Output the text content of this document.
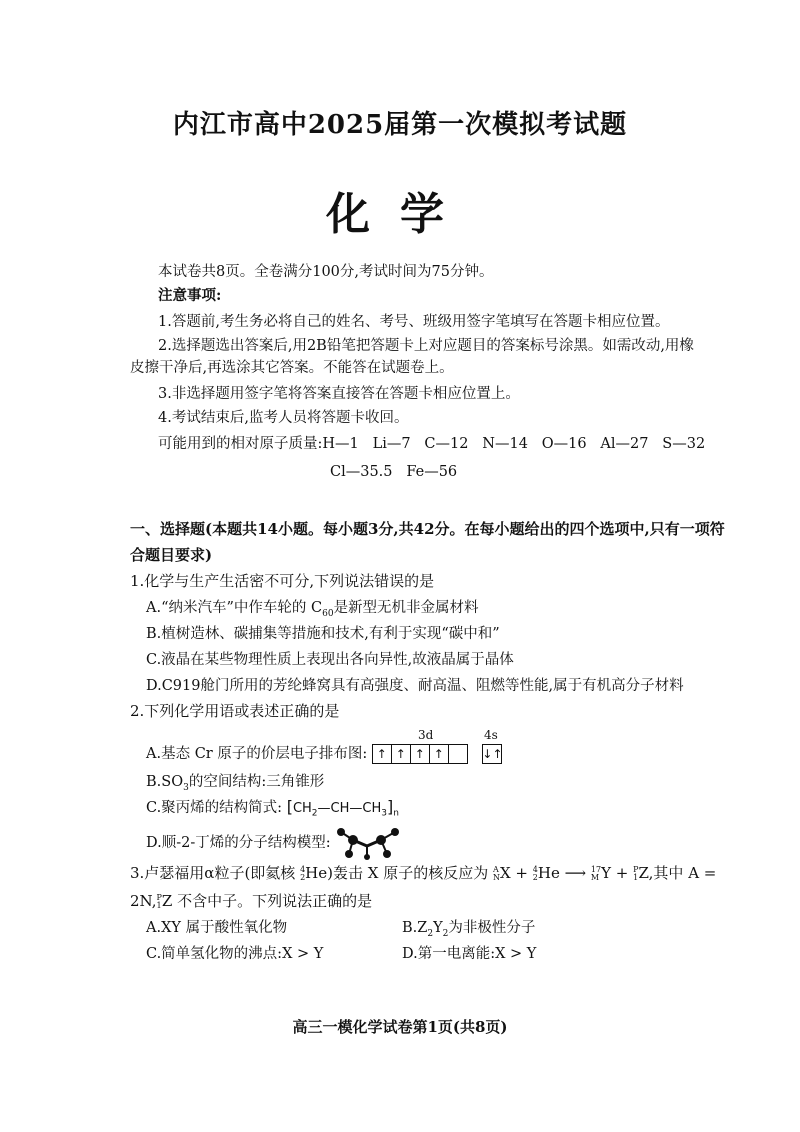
内江市高中2025届第一次模拟考试题
化学
本试卷共8页。全卷满分100分,考试时间为75分钟。
注意事项:
1.答题前,考生务必将自己的姓名、考号、班级用签字笔填写在答题卡相应位置。
2.选择题选出答案后,用2B铅笔把答题卡上对应题目的答案标号涂黑。如需改动,用橡
皮擦干净后,再选涂其它答案。不能答在试题卷上。
3.非选择题用签字笔将答案直接答在答题卡相应位置上。
4.考试结束后,监考人员将答题卡收回。
可能用到的相对原子质量:H—1   Li—7   C—12   N—14   O—16   Al—27   S—32
Cl—35.5   Fe—56
一、选择题(本题共14小题。每小题3分,共42分。在每小题给出的四个选项中,只有一项符
合题目要求)
1.化学与生产生活密不可分,下列说法错误的是
A.“纳米汽车”中作车轮的 $C_{60}$是新型无机非金属材料
B.植树造林、碳捕集等措施和技术,有利于实现“碳中和”
C.液晶在某些物理性质上表现出各向异性,故液晶属于晶体
D.C919舱门所用的芳纶蜂窝具有高强度、耐高温、阻燃等性能,属于有机高分子材料
2.下列化学用语或表述正确的是
3d	4s
A.基态 Cr 原子的价层电子排布图: ↑ ↑ ↑ ↑
	↓↑
$B.SO_3$的空间结构:三角锥形
C.聚丙烯的结构简式: $[CH_2—CH—CH_3]_n$
D.顺-2-丁烯的分子结构模型:
3.卢瑟福用α粒子(即氦核 4
2 He)轰击 X 原子的核反应为 A
N X + 4
2 He ⟶ 17
M Y + P
1 Z,其中 A =
2N, P
1 Z 不含中子。下列说法正确的是
A.XY 属于酸性氧化物	$B.Z_2Y_2$为非极性分子
C.简单氢化物的沸点:X > Y	D.第一电离能:X > Y
高三一模化学试卷第1页(共8页)
